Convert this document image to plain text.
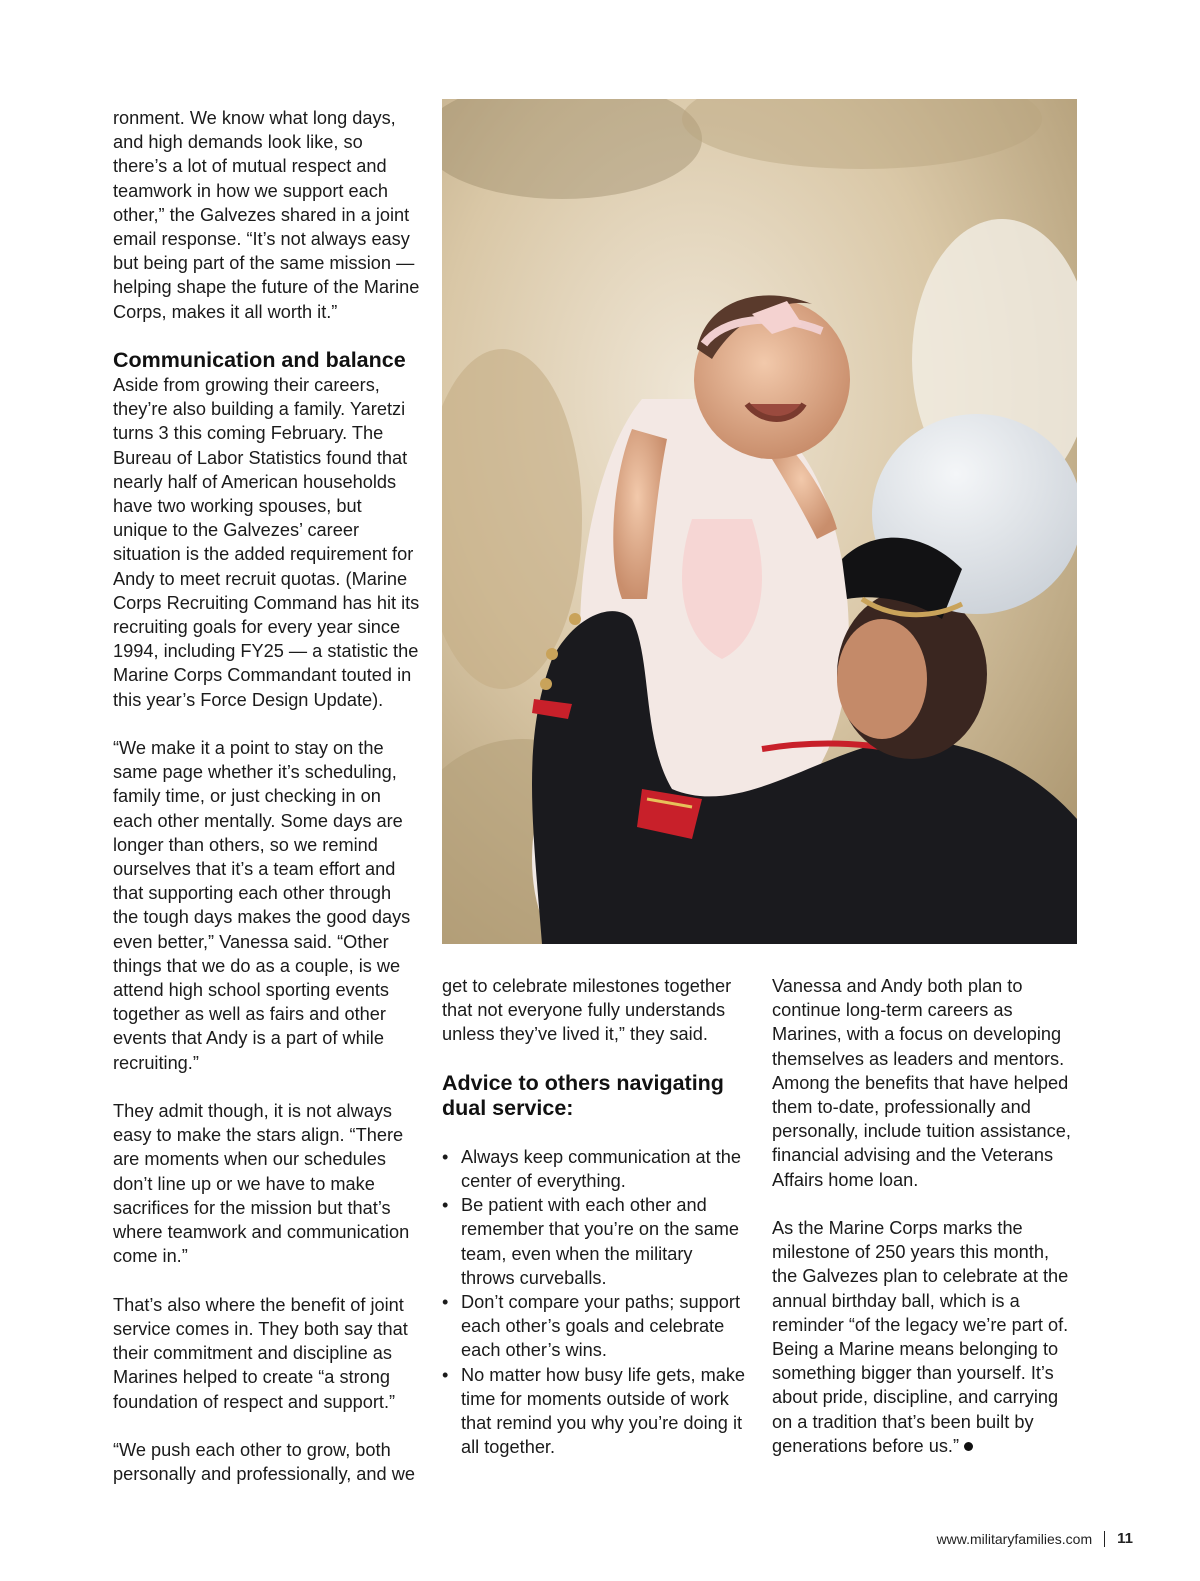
ronment. We know what long days, and high demands look like, so there’s a lot of mutual respect and teamwork in how we support each other,” the Galvezes shared in a joint email response. “It’s not always easy but being part of the same mission — helping shape the future of the Marine Corps, makes it all worth it.”

Communication and balance

Aside from growing their careers, they’re also building a family. Yaretzi turns 3 this coming February. The Bureau of Labor Statistics found that nearly half of American households have two working spouses, but unique to the Galvezes’ career situation is the added requirement for Andy to meet recruit quotas. (Marine Corps Recruiting Command has hit its recruiting goals for every year since 1994, including FY25 — a statistic the Marine Corps Commandant touted in this year’s Force Design Update).

“We make it a point to stay on the same page whether it’s scheduling, family time, or just checking in on each other mentally. Some days are longer than others, so we remind ourselves that it’s a team effort and that supporting each other through the tough days makes the good days even better,” Vanessa said. “Other things that we do as a couple, is we attend high school sporting events together as well as fairs and other events that Andy is a part of while recruiting.”

They admit though, it is not always easy to make the stars align. “There are moments when our schedules don’t line up or we have to make sacrifices for the mission but that’s where teamwork and communication come in.”

That’s also where the benefit of joint service comes in. They both say that their commitment and discipline as Marines helped to create “a strong foundation of respect and support.”

“We push each other to grow, both personally and professionally, and we

get to celebrate milestones together that not everyone fully understands unless they’ve lived it,” they said.

Advice to others navigating dual service:
• Always keep communication at the center of everything.
• Be patient with each other and remember that you’re on the same team, even when the military throws curveballs.
• Don’t compare your paths; support each other’s goals and celebrate each other’s wins.
• No matter how busy life gets, make time for moments outside of work that remind you why you’re doing it all together.

Vanessa and Andy both plan to continue long-term careers as Marines, with a focus on developing themselves as leaders and mentors. Among the benefits that have helped them to-date, professionally and personally, include tuition assistance, financial advising and the Veterans Affairs home loan.

As the Marine Corps marks the milestone of 250 years this month, the Galvezes plan to celebrate at the annual birthday ball, which is a reminder “of the legacy we’re part of. Being a Marine means belonging to something bigger than yourself. It’s about pride, discipline, and carrying on a tradition that’s been built by generations before us.”

www.militaryfamilies.com 11
